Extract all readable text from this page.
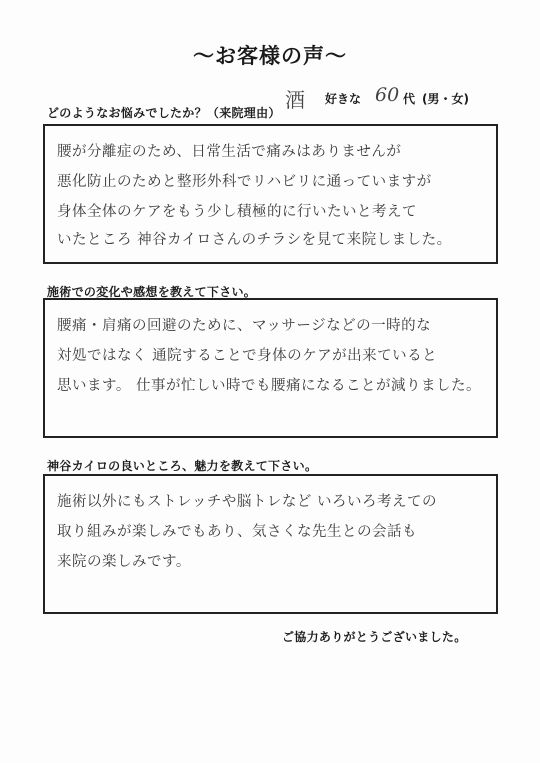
〜お客様の声〜
酒 好きな 60 代 (男・女)
どのようなお悩みでしたか？（来院理由）
腰が分離症のため、日常生活で痛みはありませんが
悪化防止のためと整形外科でリハビリに通っていますが
身体全体のケアをもう少し積極的に行いたいと考えて
いたところ 神谷カイロさんのチラシを見て来院しました。
施術での変化や感想を教えて下さい。
腰痛・肩痛の回避のために、マッサージなどの一時的な
対処ではなく 通院することで身体のケアが出来ていると
思います。 仕事が忙しい時でも腰痛になることが減りました。
神谷カイロの良いところ、魅力を教えて下さい。
施術以外にもストレッチや脳トレなど いろいろ考えての
取り組みが楽しみでもあり、気さくな先生との会話も
来院の楽しみです。
ご協力ありがとうございました。
